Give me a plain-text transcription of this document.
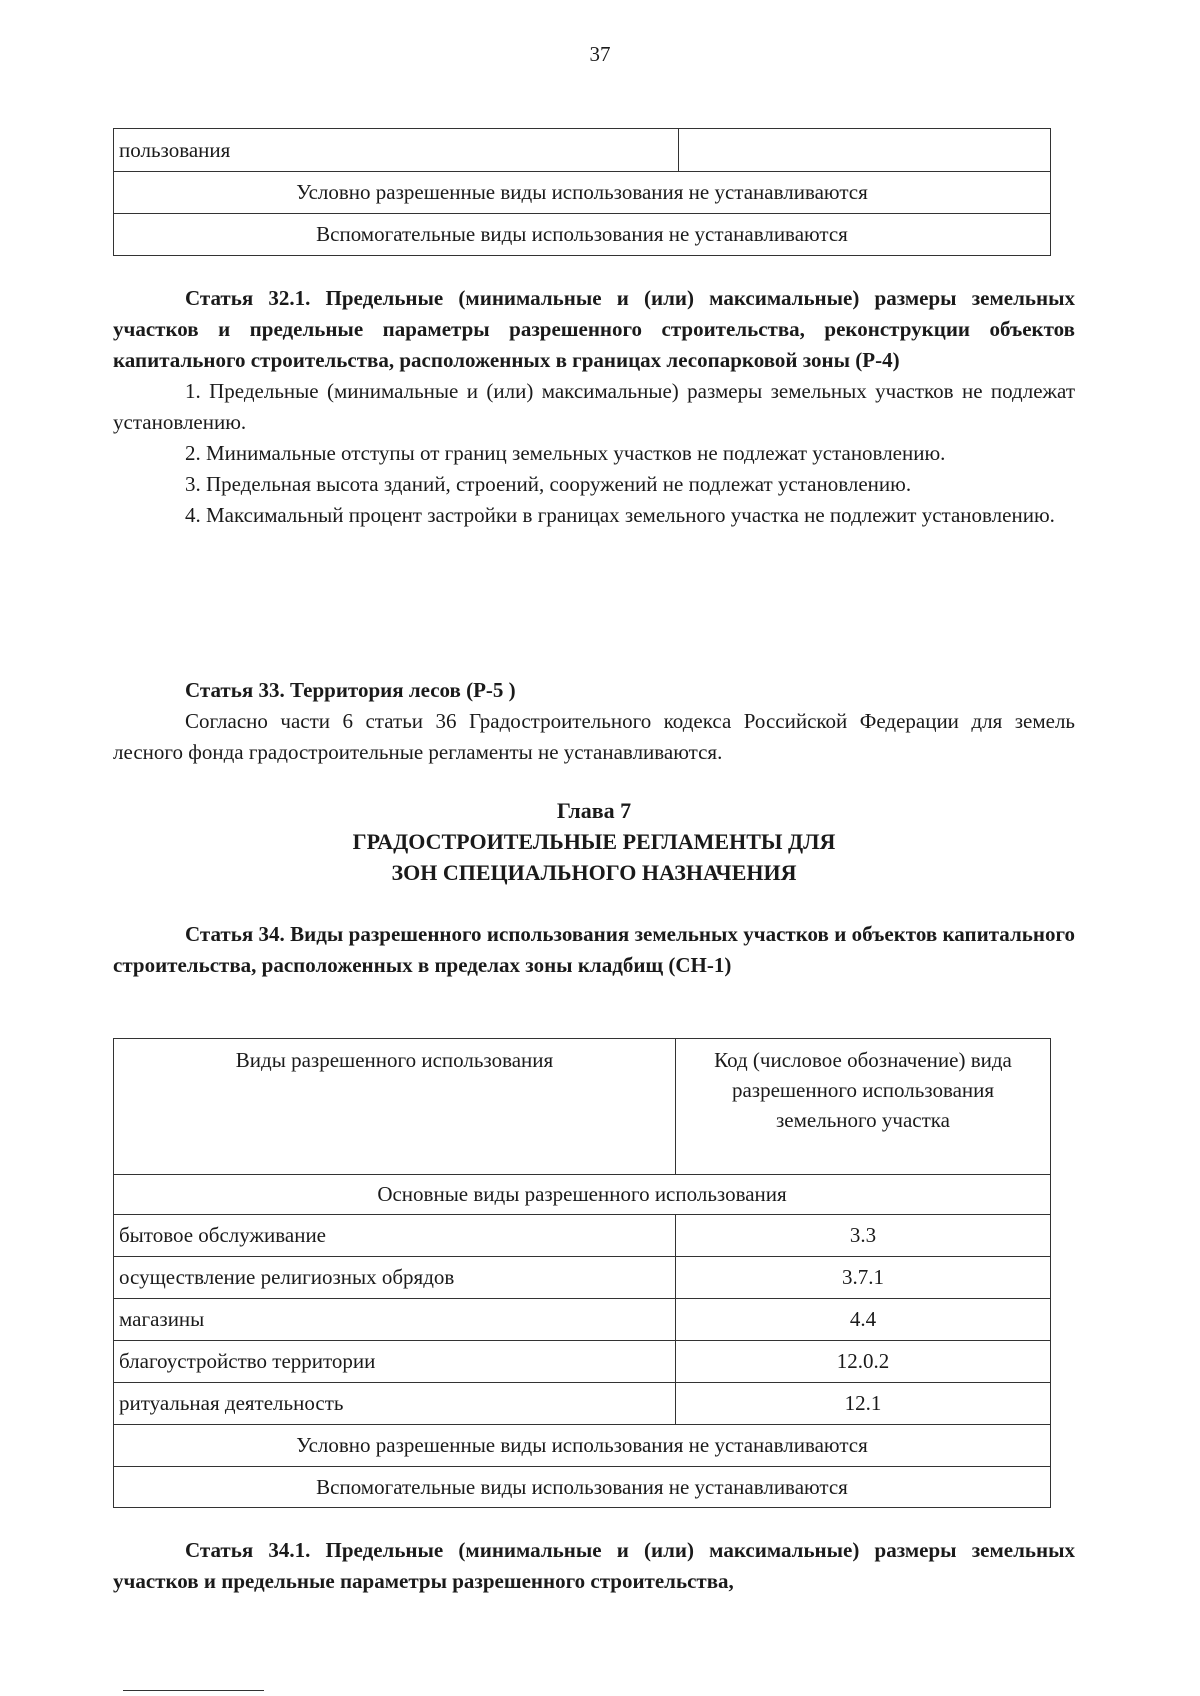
37
пользования	
Условно разрешенные виды использования не устанавливаются
Вспомогательные виды использования не устанавливаются

Статья 32.1. Предельные (минимальные и (или) максимальные) размеры земельных участков и предельные параметры разрешенного строительства, реконструкции объектов капитального строительства, расположенных в границах лесопарковой зоны (Р-4)

1. Предельные (минимальные и (или) максимальные) размеры земельных участков не подлежат установлению.

2. Минимальные отступы от границ земельных участков не подлежат установлению.

3. Предельная высота зданий, строений, сооружений не подлежат установлению.

4. Максимальный процент застройки в границах земельного участка не подлежит установлению.

Статья 33. Территория лесов (Р-5 )

Согласно части 6 статьи 36 Градостроительного кодекса Российской Федерации для земель лесного фонда градостроительные регламенты не устанавливаются.

Глава 7

ГРАДОСТРОИТЕЛЬНЫЕ РЕГЛАМЕНТЫ ДЛЯ

ЗОН СПЕЦИАЛЬНОГО НАЗНАЧЕНИЯ

Статья 34. Виды разрешенного использования земельных участков и объектов капитального строительства, расположенных в пределах зоны кладбищ (СН-1)

Виды разрешенного использования	Код (числовое обозначение) вида разрешенного использования земельного участка
Основные виды разрешенного использования	
бытовое обслуживание	3.3
осуществление религиозных обрядов	3.7.1
магазины	4.4
благоустройство территории	12.0.2
ритуальная деятельность	12.1
Условно разрешенные виды использования не устанавливаются	
Вспомогательные виды использования не устанавливаются	

Статья 34.1. Предельные (минимальные и (или) максимальные) размеры земельных участков и предельные параметры разрешенного строительства,
